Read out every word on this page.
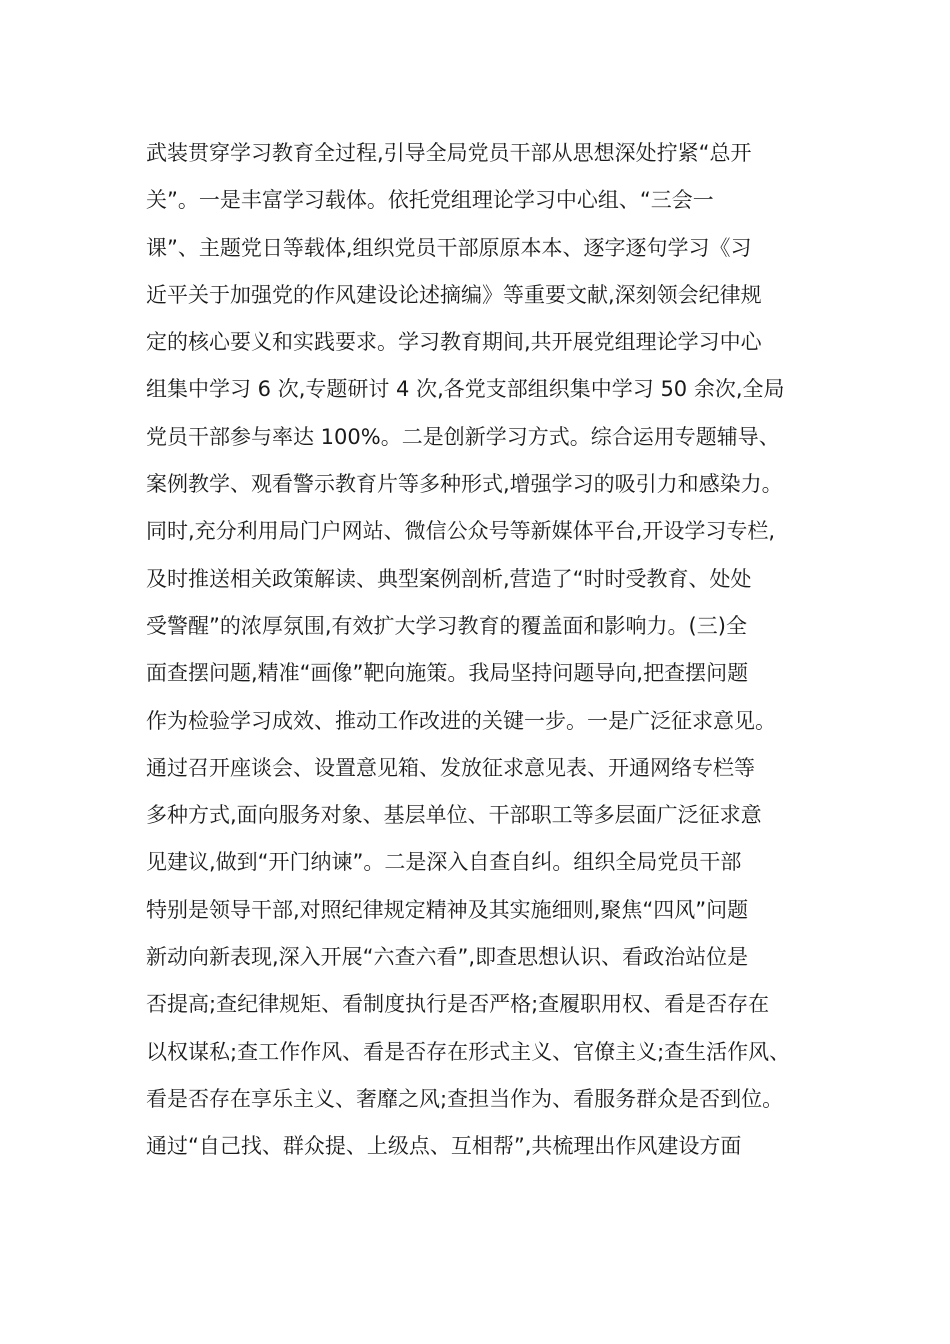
武装贯穿学习教育全过程,引导全局党员干部从思想深处拧紧“总开
关”。一是丰富学习载体。依托党组理论学习中心组、“三会一
课”、主题党日等载体,组织党员干部原原本本、逐字逐句学习《习
近平关于加强党的作风建设论述摘编》等重要文献,深刻领会纪律规
定的核心要义和实践要求。学习教育期间,共开展党组理论学习中心
组集中学习 6 次,专题研讨 4 次,各党支部组织集中学习 50 余次,全局
党员干部参与率达 100%。二是创新学习方式。综合运用专题辅导、
案例教学、观看警示教育片等多种形式,增强学习的吸引力和感染力。
同时,充分利用局门户网站、微信公众号等新媒体平台,开设学习专栏,
及时推送相关政策解读、典型案例剖析,营造了“时时受教育、处处
受警醒”的浓厚氛围,有效扩大学习教育的覆盖面和影响力。(三)全
面查摆问题,精准“画像”靶向施策。我局坚持问题导向,把查摆问题
作为检验学习成效、推动工作改进的关键一步。一是广泛征求意见。
通过召开座谈会、设置意见箱、发放征求意见表、开通网络专栏等
多种方式,面向服务对象、基层单位、干部职工等多层面广泛征求意
见建议,做到“开门纳谏”。二是深入自查自纠。组织全局党员干部
特别是领导干部,对照纪律规定精神及其实施细则,聚焦“四风”问题
新动向新表现,深入开展“六查六看”,即查思想认识、看政治站位是
否提高;查纪律规矩、看制度执行是否严格;查履职用权、看是否存在
以权谋私;查工作作风、看是否存在形式主义、官僚主义;查生活作风、
看是否存在享乐主义、奢靡之风;查担当作为、看服务群众是否到位。
通过“自己找、群众提、上级点、互相帮”,共梳理出作风建设方面
